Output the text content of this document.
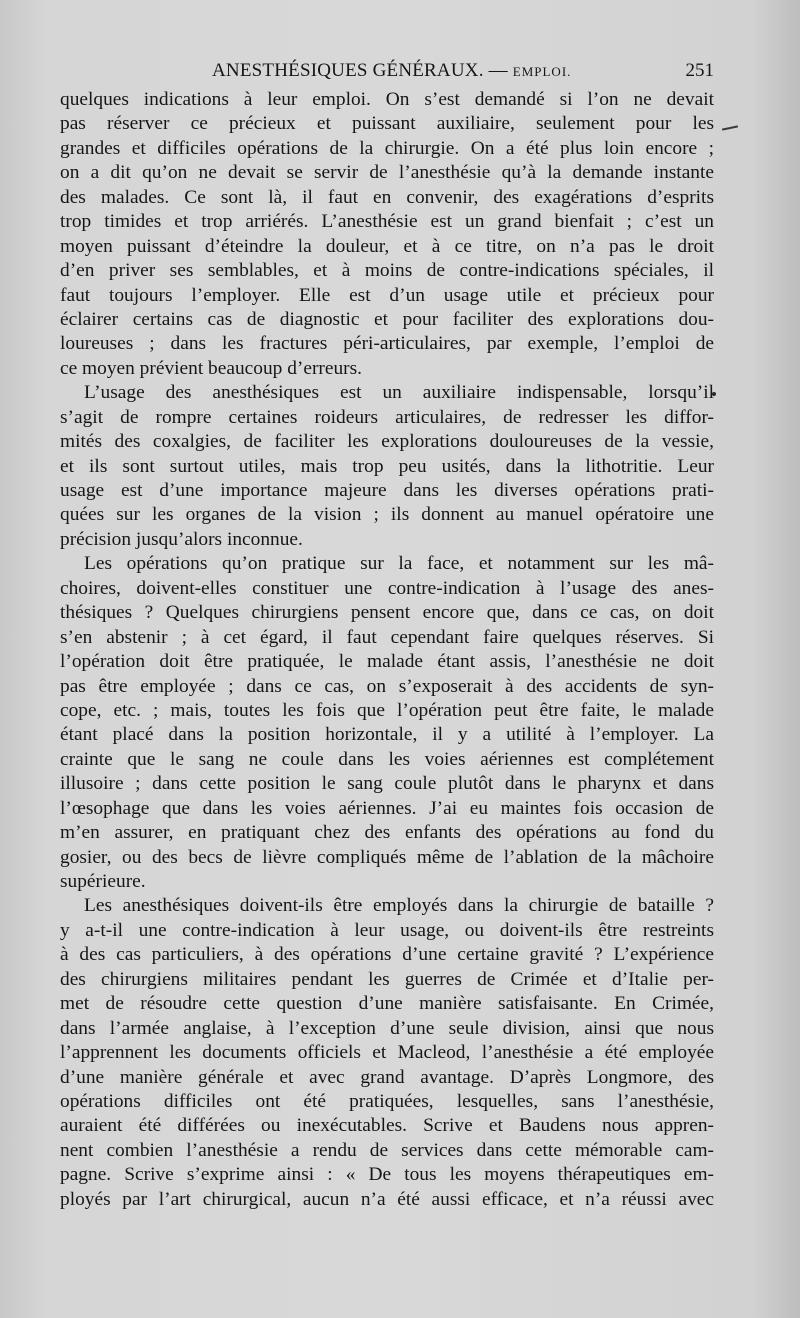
ANESTHÉSIQUES GÉNÉRAUX. — EMPLOI.	251
quelques indications à leur emploi. On s’est demandé si l’on ne devait
pas réserver ce précieux et puissant auxiliaire, seulement pour les
grandes et difficiles opérations de la chirurgie. On a été plus loin encore ;
on a dit qu’on ne devait se servir de l’anesthésie qu’à la demande instante
des malades. Ce sont là, il faut en convenir, des exagérations d’esprits
trop timides et trop arriérés. L’anesthésie est un grand bienfait ; c’est un
moyen puissant d’éteindre la douleur, et à ce titre, on n’a pas le droit
d’en priver ses semblables, et à moins de contre-indications spéciales, il
faut toujours l’employer. Elle est d’un usage utile et précieux pour
éclairer certains cas de diagnostic et pour faciliter des explorations dou-
loureuses ; dans les fractures péri-articulaires, par exemple, l’emploi de
ce moyen prévient beaucoup d’erreurs.
L’usage des anesthésiques est un auxiliaire indispensable, lorsqu’il
s’agit de rompre certaines roideurs articulaires, de redresser les diffor-
mités des coxalgies, de faciliter les explorations douloureuses de la vessie,
et ils sont surtout utiles, mais trop peu usités, dans la lithotritie. Leur
usage est d’une importance majeure dans les diverses opérations prati-
quées sur les organes de la vision ; ils donnent au manuel opératoire une
précision jusqu’alors inconnue.
Les opérations qu’on pratique sur la face, et notamment sur les mâ-
choires, doivent-elles constituer une contre-indication à l’usage des anes-
thésiques ? Quelques chirurgiens pensent encore que, dans ce cas, on doit
s’en abstenir ; à cet égard, il faut cependant faire quelques réserves. Si
l’opération doit être pratiquée, le malade étant assis, l’anesthésie ne doit
pas être employée ; dans ce cas, on s’exposerait à des accidents de syn-
cope, etc. ; mais, toutes les fois que l’opération peut être faite, le malade
étant placé dans la position horizontale, il y a utilité à l’employer. La
crainte que le sang ne coule dans les voies aériennes est complétement
illusoire ; dans cette position le sang coule plutôt dans le pharynx et dans
l’œsophage que dans les voies aériennes. J’ai eu maintes fois occasion de
m’en assurer, en pratiquant chez des enfants des opérations au fond du
gosier, ou des becs de lièvre compliqués même de l’ablation de la mâchoire
supérieure.
Les anesthésiques doivent-ils être employés dans la chirurgie de bataille ?
y a-t-il une contre-indication à leur usage, ou doivent-ils être restreints
à des cas particuliers, à des opérations d’une certaine gravité ? L’expérience
des chirurgiens militaires pendant les guerres de Crimée et d’Italie per-
met de résoudre cette question d’une manière satisfaisante. En Crimée,
dans l’armée anglaise, à l’exception d’une seule division, ainsi que nous
l’apprennent les documents officiels et Macleod, l’anesthésie a été employée
d’une manière générale et avec grand avantage. D’après Longmore, des
opérations difficiles ont été pratiquées, lesquelles, sans l’anesthésie,
auraient été différées ou inexécutables. Scrive et Baudens nous appren-
nent combien l’anesthésie a rendu de services dans cette mémorable cam-
pagne. Scrive s’exprime ainsi : « De tous les moyens thérapeutiques em-
ployés par l’art chirurgical, aucun n’a été aussi efficace, et n’a réussi avec
